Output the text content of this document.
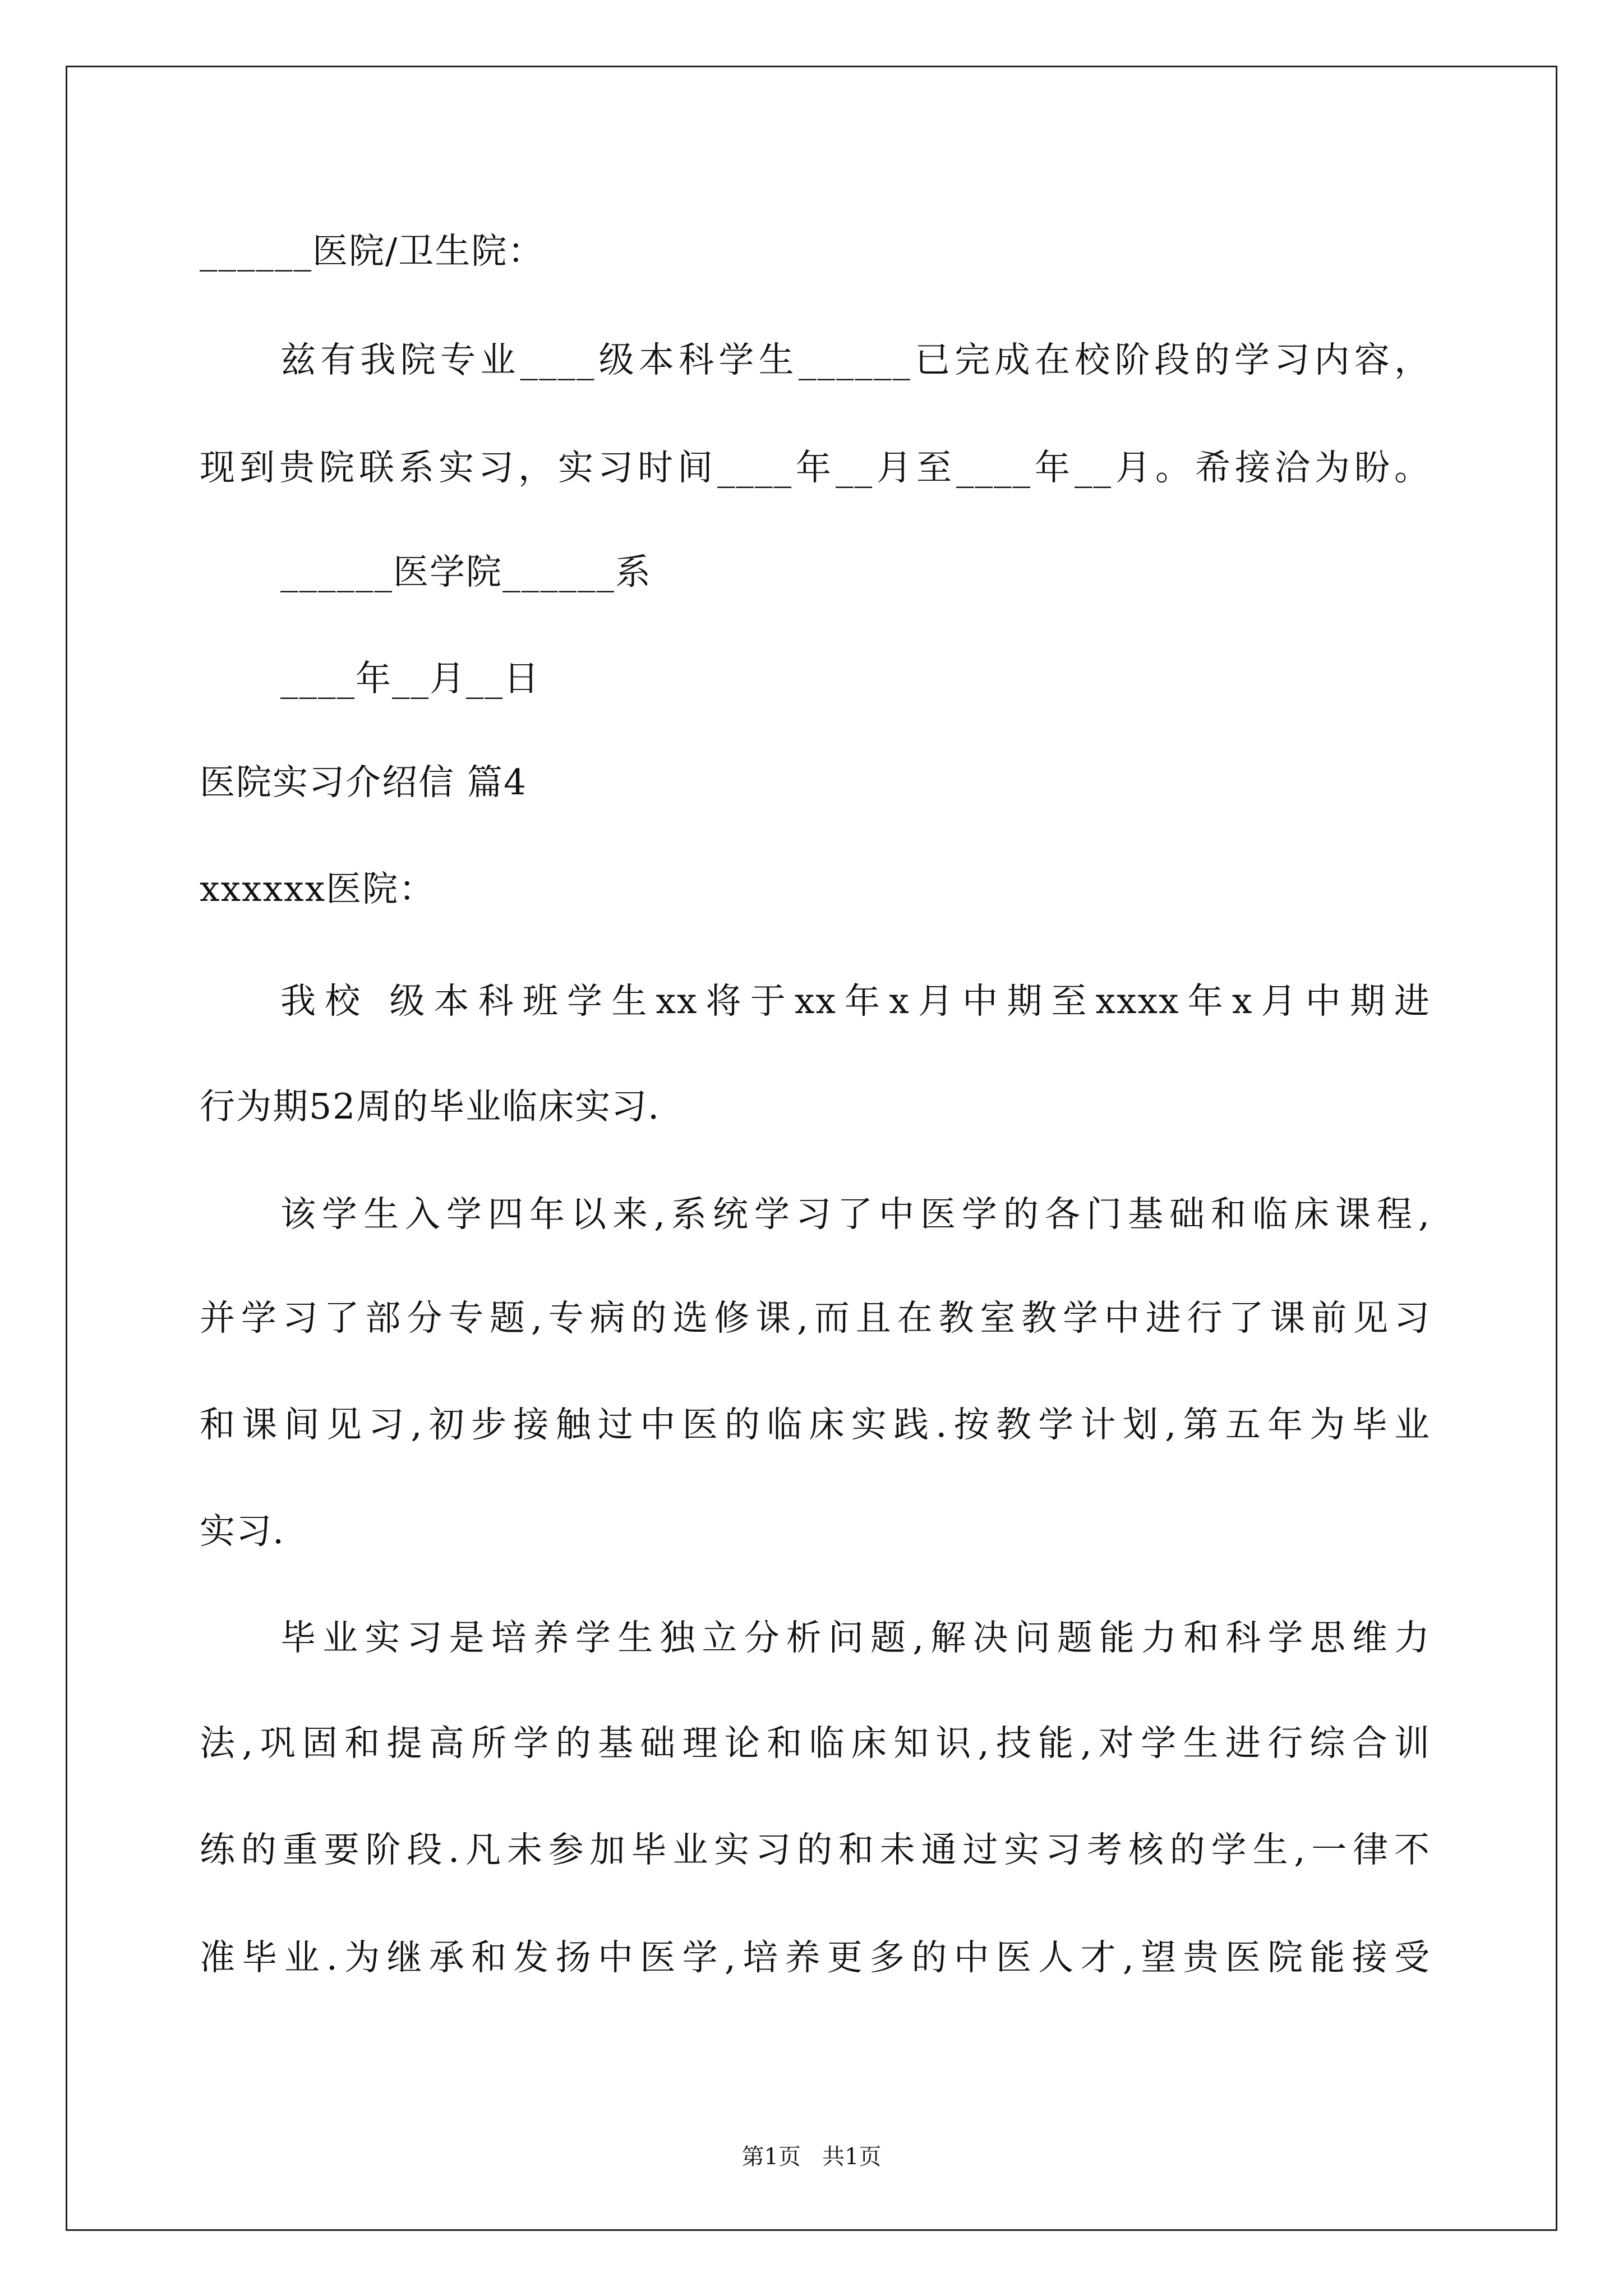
______医院/卫生院：
兹有我院专业____级本科学生______已完成在校阶段的学习内容，
现到贵院联系实习，实习时间____年__月至____年__月。希接洽为盼。
______医学院______系
____年__月__日
医院实习介绍信 篇4
xxxxxx医院：
我校 级本科班学生xx将于xx年x月中期至xxxx年x月中期进
行为期52周的毕业临床实习.
该学生入学四年以来,系统学习了中医学的各门基础和临床课程,
并学习了部分专题,专病的选修课,而且在教室教学中进行了课前见习
和课间见习,初步接触过中医的临床实践.按教学计划,第五年为毕业
实习.
毕业实习是培养学生独立分析问题,解决问题能力和科学思维力
法,巩固和提高所学的基础理论和临床知识,技能,对学生进行综合训
练的重要阶段.凡未参加毕业实习的和未通过实习考核的学生,一律不
准毕业.为继承和发扬中医学,培养更多的中医人才,望贵医院能接受
第1页   共1页
